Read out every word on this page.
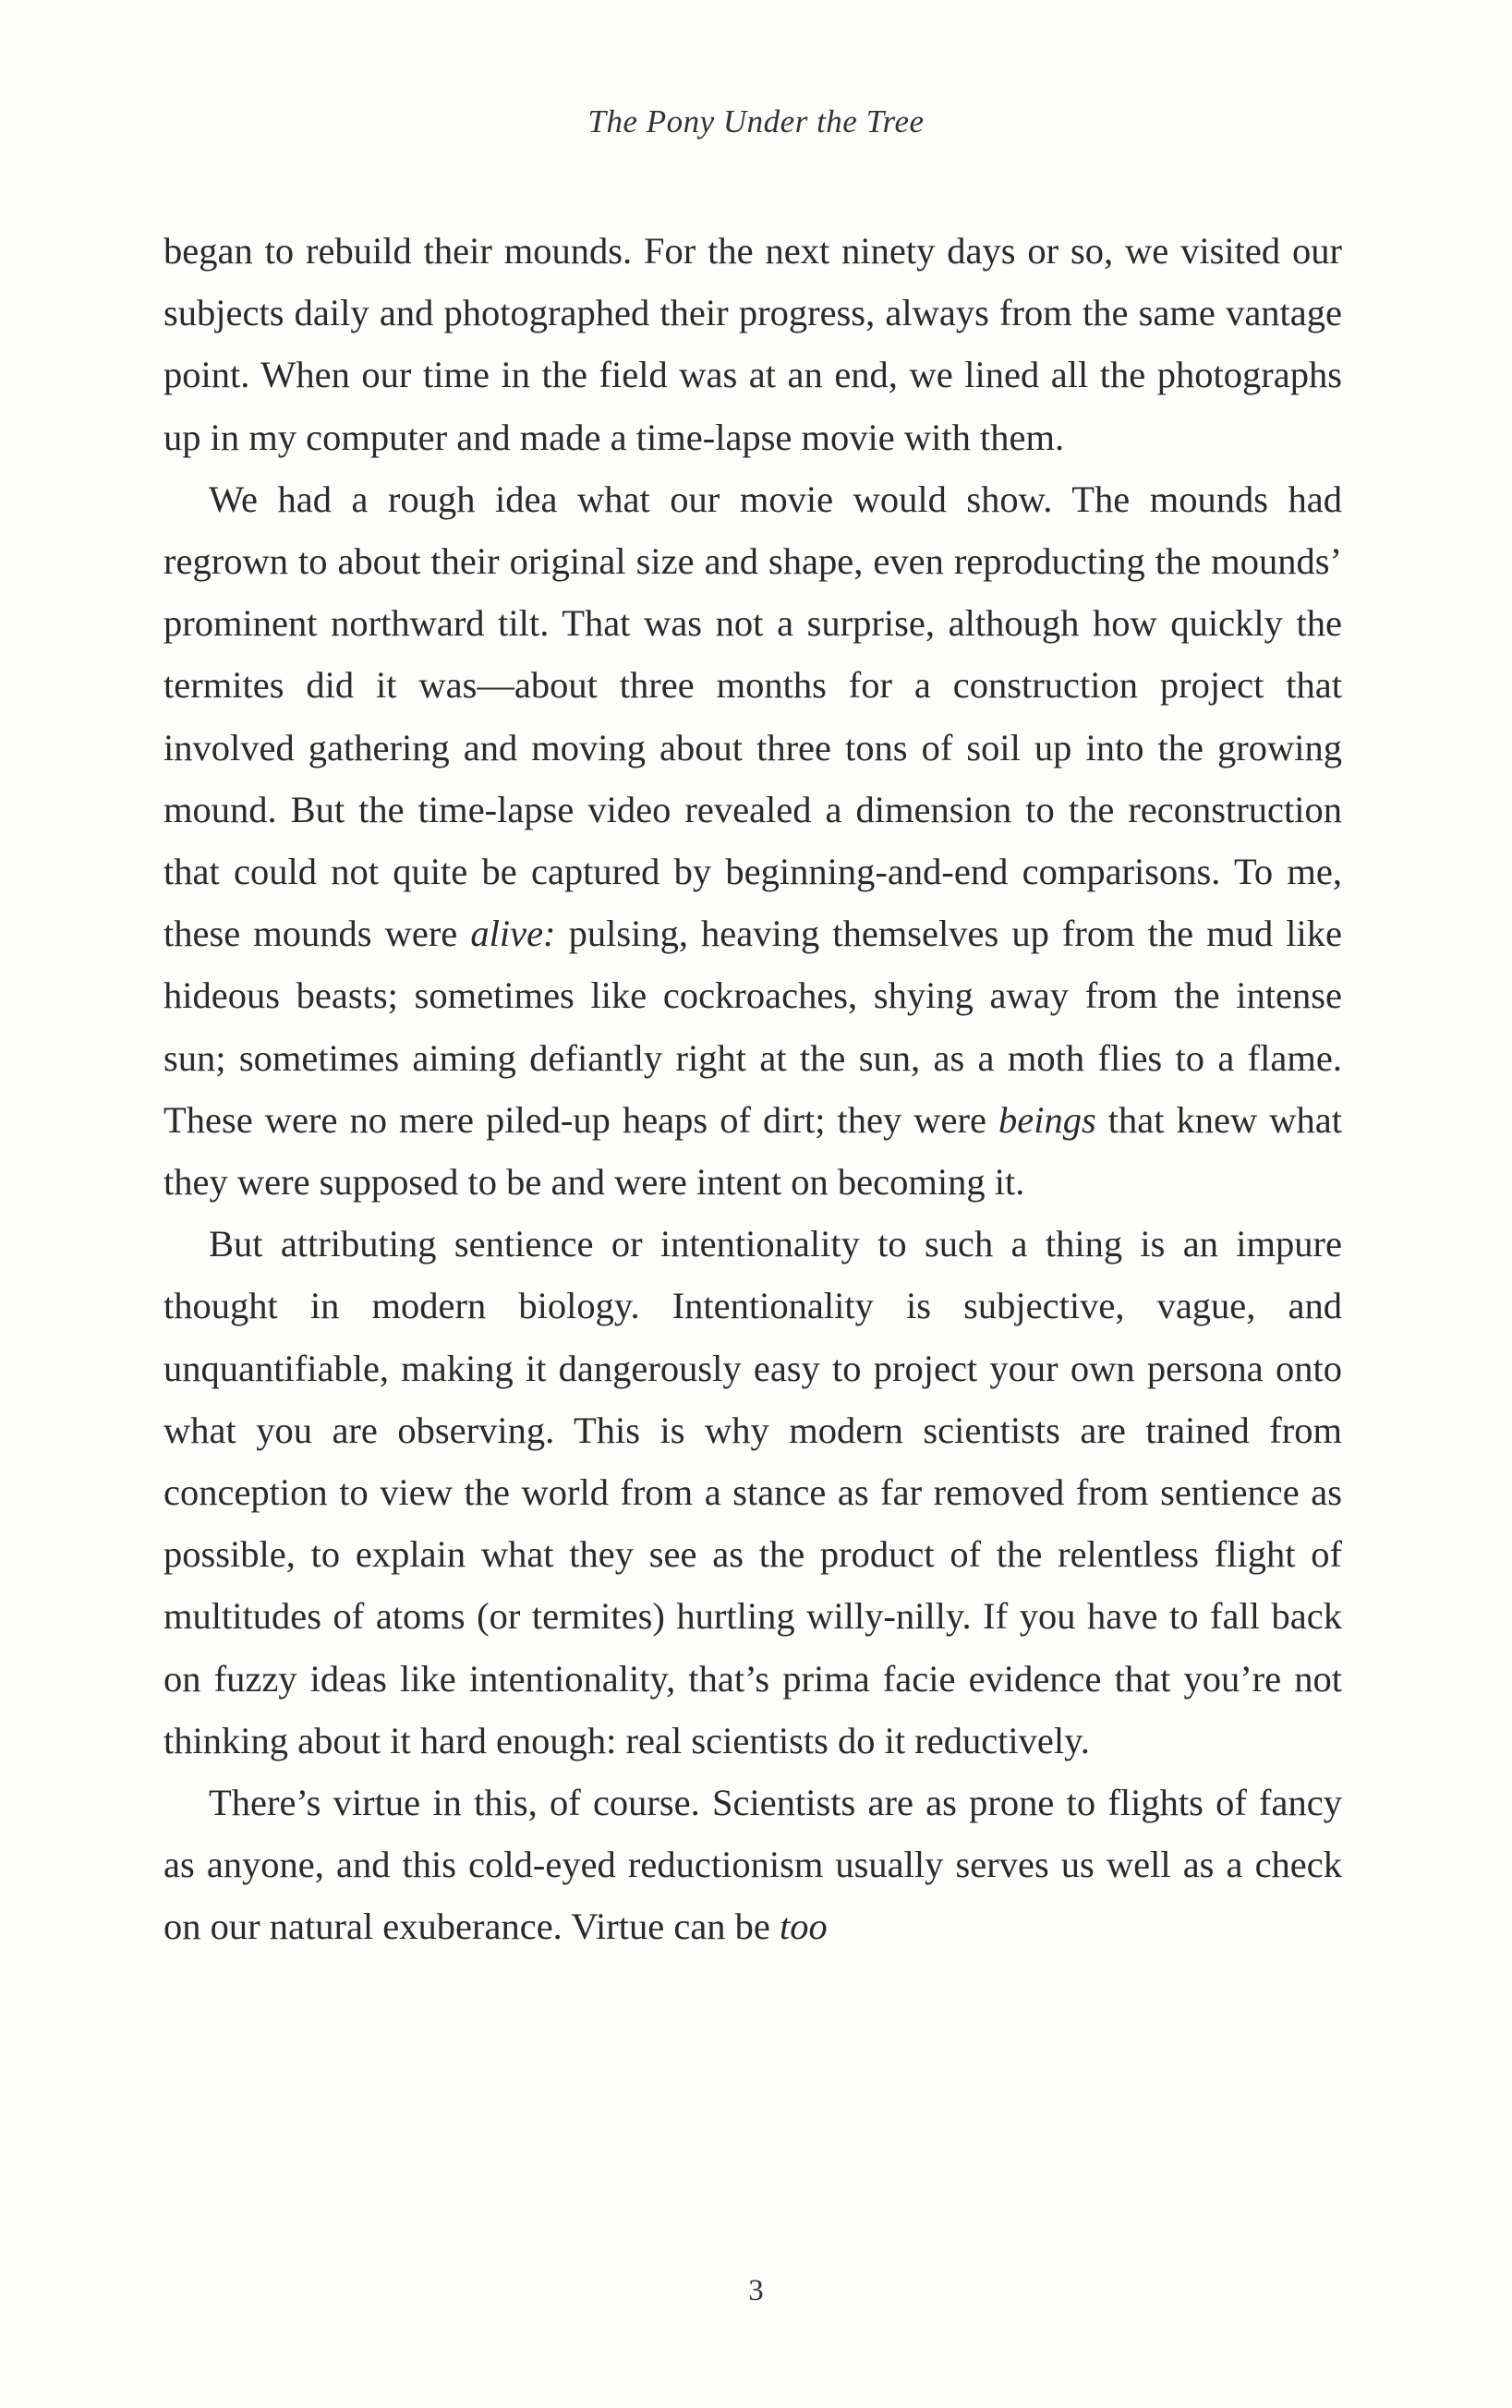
The Pony Under the Tree

began to rebuild their mounds. For the next ninety days or so, we visited our subjects daily and photographed their progress, always from the same vantage point. When our time in the field was at an end, we lined all the photographs up in my computer and made a time-lapse movie with them.

We had a rough idea what our movie would show. The mounds had regrown to about their original size and shape, even reproducting the mounds’ prominent northward tilt. That was not a surprise, although how quickly the termites did it was—about three months for a construction project that involved gathering and moving about three tons of soil up into the growing mound. But the time-lapse video revealed a dimension to the reconstruction that could not quite be captured by beginning-and-end comparisons. To me, these mounds were alive: pulsing, heaving themselves up from the mud like hideous beasts; sometimes like cockroaches, shying away from the intense sun; sometimes aiming defiantly right at the sun, as a moth flies to a flame. These were no mere piled-up heaps of dirt; they were beings that knew what they were supposed to be and were intent on becoming it.

But attributing sentience or intentionality to such a thing is an impure thought in modern biology. Intentionality is subjective, vague, and unquantifiable, making it dangerously easy to project your own persona onto what you are observing. This is why modern scientists are trained from conception to view the world from a stance as far removed from sentience as possible, to explain what they see as the product of the relentless flight of multitudes of atoms (or termites) hurtling willy-nilly. If you have to fall back on fuzzy ideas like intentionality, that’s prima facie evidence that you’re not thinking about it hard enough: real scientists do it reductively.

There’s virtue in this, of course. Scientists are as prone to flights of fancy as anyone, and this cold-eyed reductionism usually serves us well as a check on our natural exuberance. Virtue can be too

3
